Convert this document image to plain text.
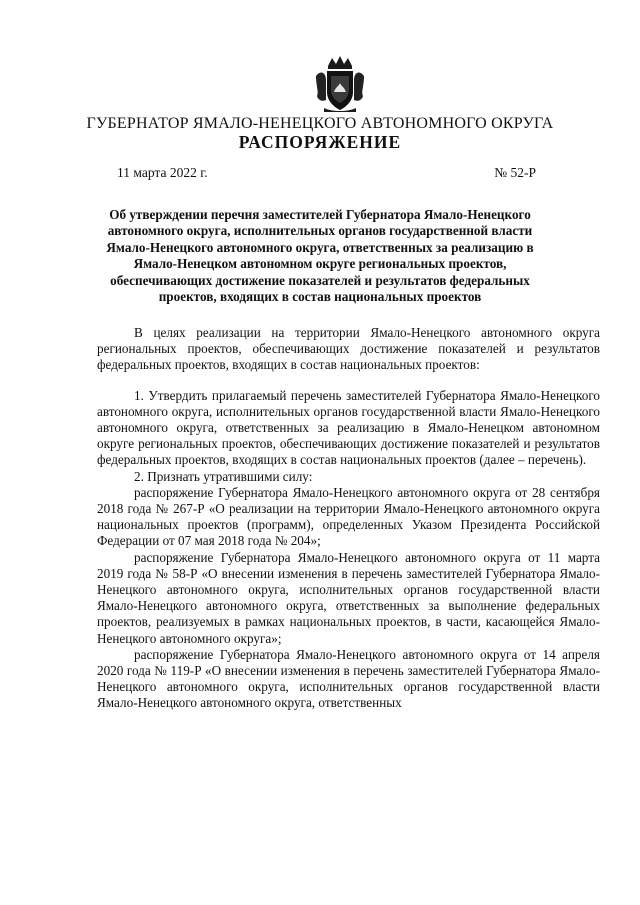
ГУБЕРНАТОР ЯМАЛО-НЕНЕЦКОГО АВТОНОМНОГО ОКРУГА
РАСПОРЯЖЕНИЕ
11 марта 2022 г.	№ 52-Р
Об утверждении перечня заместителей Губернатора Ямало-Ненецкого автономного округа, исполнительных органов государственной власти Ямало-Ненецкого автономного округа, ответственных за реализацию в Ямало-Ненецком автономном округе региональных проектов, обеспечивающих достижение показателей и результатов федеральных проектов, входящих в состав национальных проектов

В целях реализации на территории Ямало-Ненецкого автономного округа региональных проектов, обеспечивающих достижение показателей и результатов федеральных проектов, входящих в состав национальных проектов:

1. Утвердить прилагаемый перечень заместителей Губернатора Ямало-Ненецкого автономного округа, исполнительных органов государственной власти Ямало-Ненецкого автономного округа, ответственных за реализацию в Ямало-Ненецком автономном округе региональных проектов, обеспечивающих достижение показателей и результатов федеральных проектов, входящих в состав национальных проектов (далее – перечень).

2. Признать утратившими силу:

распоряжение Губернатора Ямало-Ненецкого автономного округа от 28 сентября 2018 года № 267-Р «О реализации на территории Ямало-Ненецкого автономного округа национальных проектов (программ), определенных Указом Президента Российской Федерации от 07 мая 2018 года № 204»;

распоряжение Губернатора Ямало-Ненецкого автономного округа от 11 марта 2019 года № 58-Р «О внесении изменения в перечень заместителей Губернатора Ямало-Ненецкого автономного округа, исполнительных органов государственной власти Ямало-Ненецкого автономного округа, ответственных за выполнение федеральных проектов, реализуемых в рамках национальных проектов, в части, касающейся Ямало-Ненецкого автономного округа»;

распоряжение Губернатора Ямало-Ненецкого автономного округа от 14 апреля 2020 года № 119-Р «О внесении изменения в перечень заместителей Губернатора Ямало-Ненецкого автономного округа, исполнительных органов государственной власти Ямало-Ненецкого автономного округа, ответственных
